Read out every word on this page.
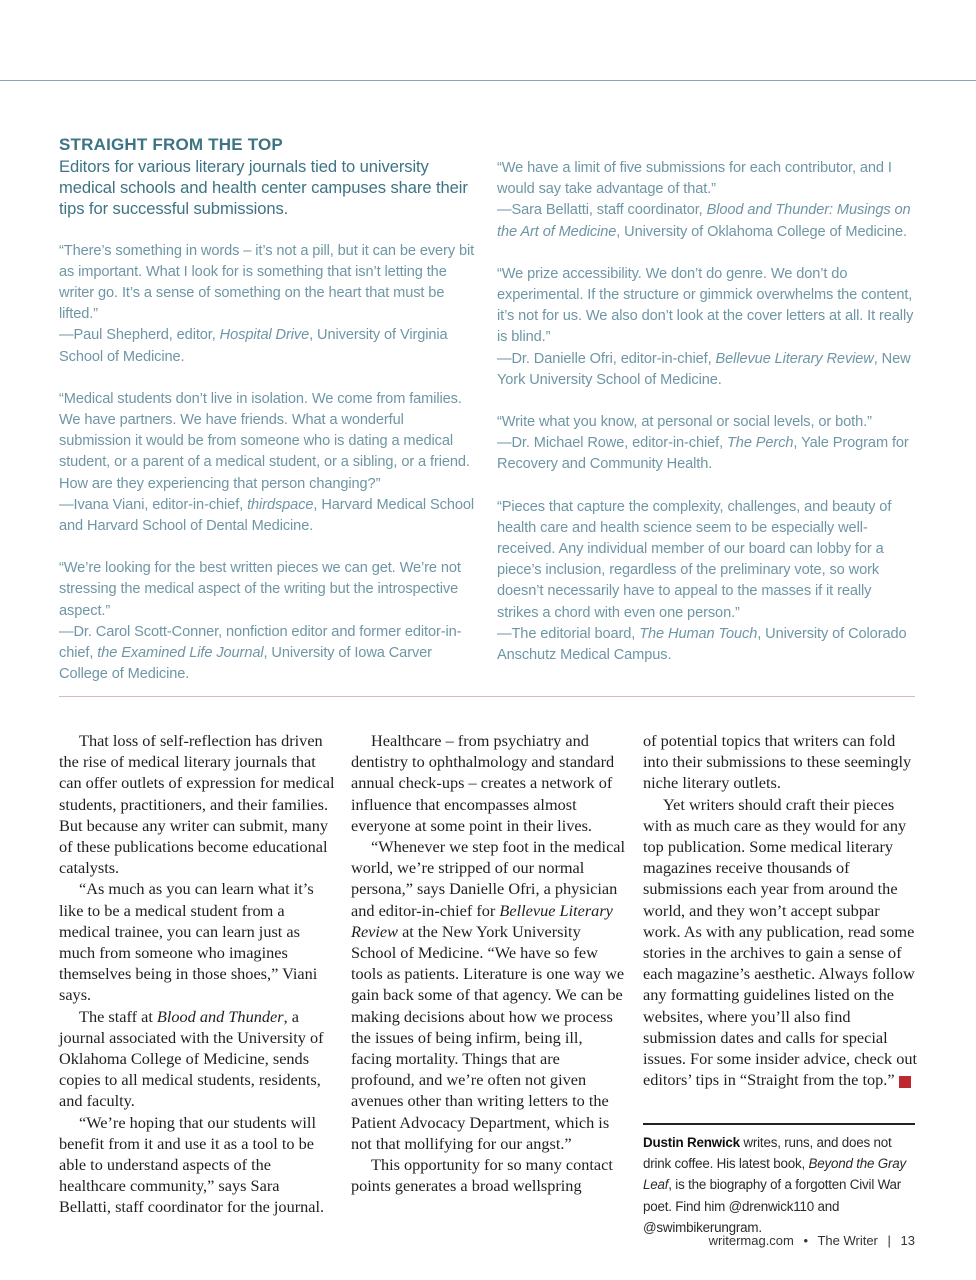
STRAIGHT FROM THE TOP
Editors for various literary journals tied to university medical schools and health center campuses share their tips for successful submissions.

“There’s something in words – it’s not a pill, but it can be every bit as important. What I look for is something that isn’t letting the writer go. It’s a sense of something on the heart that must be lifted.”

—Paul Shepherd, editor, Hospital Drive, University of Virginia School of Medicine.

“Medical students don’t live in isolation. We come from families. We have partners. We have friends. What a wonderful submission it would be from someone who is dating a medical student, or a parent of a medical student, or a sibling, or a friend. How are they experiencing that person changing?”

—Ivana Viani, editor-in-chief, thirdspace, Harvard Medical School and Harvard School of Dental Medicine.

“We’re looking for the best written pieces we can get. We’re not stressing the medical aspect of the writing but the introspective aspect.”

—Dr. Carol Scott-Conner, nonfiction editor and former editor-in-chief, the Examined Life Journal, University of Iowa Carver College of Medicine.

“We have a limit of five submissions for each contributor, and I would say take advantage of that.”

—Sara Bellatti, staff coordinator, Blood and Thunder: Musings on the Art of Medicine, University of Oklahoma College of Medicine.

“We prize accessibility. We don’t do genre. We don’t do experimental. If the structure or gimmick overwhelms the content, it’s not for us. We also don’t look at the cover letters at all. It really is blind.”

—Dr. Danielle Ofri, editor-in-chief, Bellevue Literary Review, New York University School of Medicine.

“Write what you know, at personal or social levels, or both.”

—Dr. Michael Rowe, editor-in-chief, The Perch, Yale Program for Recovery and Community Health.

“Pieces that capture the complexity, challenges, and beauty of health care and health science seem to be especially well-received. Any individual member of our board can lobby for a piece’s inclusion, regardless of the preliminary vote, so work doesn’t necessarily have to appeal to the masses if it really strikes a chord with even one person.”

—The editorial board, The Human Touch, University of Colorado Anschutz Medical Campus.

That loss of self-reflection has driven the rise of medical literary journals that can offer outlets of expression for medical students, practitioners, and their families. But because any writer can submit, many of these publications become educational catalysts.

“As much as you can learn what it’s like to be a medical student from a medical trainee, you can learn just as much from someone who imagines themselves being in those shoes,” Viani says.

The staff at Blood and Thunder, a journal associated with the University of Oklahoma College of Medicine, sends copies to all medical students, residents, and faculty.

“We’re hoping that our students will benefit from it and use it as a tool to be able to understand aspects of the healthcare community,” says Sara Bellatti, staff coordinator for the journal.

Healthcare – from psychiatry and dentistry to ophthalmology and standard annual check-ups – creates a network of influence that encompasses almost everyone at some point in their lives.

“Whenever we step foot in the medical world, we’re stripped of our normal persona,” says Danielle Ofri, a physician and editor-in-chief for Bellevue Literary Review at the New York University School of Medicine. “We have so few tools as patients. Literature is one way we gain back some of that agency. We can be making decisions about how we process the issues of being infirm, being ill, facing mortality. Things that are profound, and we’re often not given avenues other than writing letters to the Patient Advocacy Department, which is not that mollifying for our angst.”

This opportunity for so many contact points generates a broad wellspring

of potential topics that writers can fold into their submissions to these seemingly niche literary outlets.

Yet writers should craft their pieces with as much care as they would for any top publication. Some medical literary magazines receive thousands of submissions each year from around the world, and they won’t accept subpar work. As with any publication, read some stories in the archives to gain a sense of each magazine’s aesthetic. Always follow any formatting guidelines listed on the websites, where you’ll also find submission dates and calls for special issues. For some insider advice, check out editors’ tips in “Straight from the top.” W

Dustin Renwick writes, runs, and does not drink coffee. His latest book, Beyond the Gray Leaf, is the biography of a forgotten Civil War poet. Find him @drenwick110 and @swimbikerungram.
writermag.com • The Writer | 13
